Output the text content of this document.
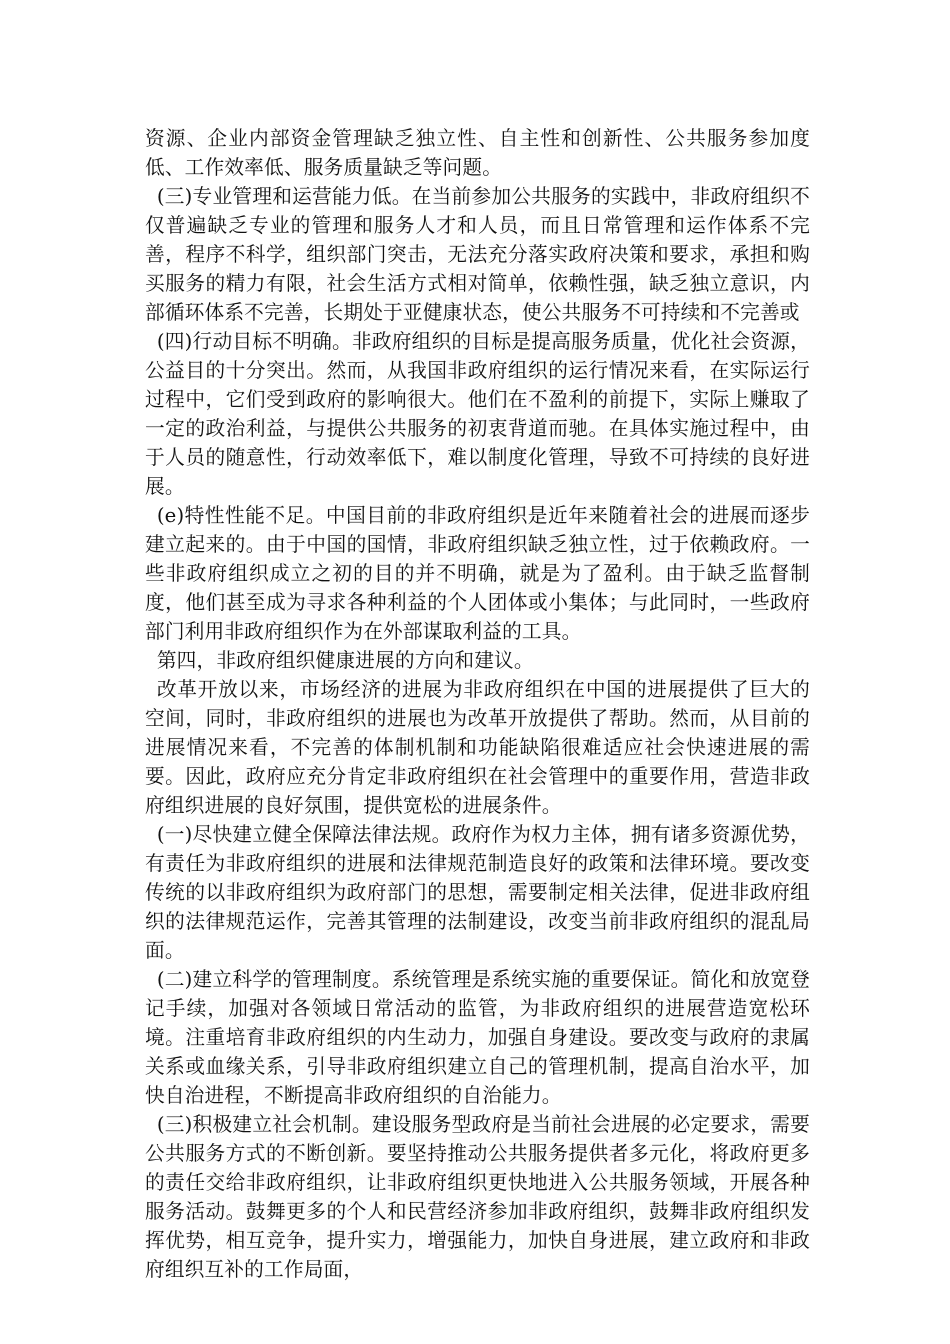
资源、企业内部资金管理缺乏独立性、自主性和创新性、公共服务参加度低、工作效率低、服务质量缺乏等问题。

(三)专业管理和运营能力低。在当前参加公共服务的实践中，非政府组织不仅普遍缺乏专业的管理和服务人才和人员，而且日常管理和运作体系不完善，程序不科学，组织部门突击，无法充分落实政府决策和要求，承担和购买服务的精力有限，社会生活方式相对简单，依赖性强，缺乏独立意识，内部循环体系不完善，长期处于亚健康状态，使公共服务不可持续和不完善或

(四)行动目标不明确。非政府组织的目标是提高服务质量，优化社会资源，公益目的十分突出。然而，从我国非政府组织的运行情况来看，在实际运行过程中，它们受到政府的影响很大。他们在不盈利的前提下，实际上赚取了一定的政治利益，与提供公共服务的初衷背道而驰。在具体实施过程中，由于人员的随意性，行动效率低下，难以制度化管理，导致不可持续的良好进展。

(e)特性性能不足。中国目前的非政府组织是近年来随着社会的进展而逐步建立起来的。由于中国的国情，非政府组织缺乏独立性，过于依赖政府。一些非政府组织成立之初的目的并不明确，就是为了盈利。由于缺乏监督制度，他们甚至成为寻求各种利益的个人团体或小集体；与此同时，一些政府部门利用非政府组织作为在外部谋取利益的工具。

第四，非政府组织健康进展的方向和建议。

改革开放以来，市场经济的进展为非政府组织在中国的进展提供了巨大的空间，同时，非政府组织的进展也为改革开放提供了帮助。然而，从目前的进展情况来看，不完善的体制机制和功能缺陷很难适应社会快速进展的需要。因此，政府应充分肯定非政府组织在社会管理中的重要作用，营造非政府组织进展的良好氛围，提供宽松的进展条件。

(一)尽快建立健全保障法律法规。政府作为权力主体，拥有诸多资源优势，有责任为非政府组织的进展和法律规范制造良好的政策和法律环境。要改变传统的以非政府组织为政府部门的思想，需要制定相关法律，促进非政府组织的法律规范运作，完善其管理的法制建设，改变当前非政府组织的混乱局面。

(二)建立科学的管理制度。系统管理是系统实施的重要保证。简化和放宽登记手续，加强对各领域日常活动的监管，为非政府组织的进展营造宽松环境。注重培育非政府组织的内生动力，加强自身建设。要改变与政府的隶属关系或血缘关系，引导非政府组织建立自己的管理机制，提高自治水平，加快自治进程，不断提高非政府组织的自治能力。

(三)积极建立社会机制。建设服务型政府是当前社会进展的必定要求，需要公共服务方式的不断创新。要坚持推动公共服务提供者多元化，将政府更多的责任交给非政府组织，让非政府组织更快地进入公共服务领域，开展各种服务活动。鼓舞更多的个人和民营经济参加非政府组织，鼓舞非政府组织发挥优势，相互竞争，提升实力，增强能力，加快自身进展，建立政府和非政府组织互补的工作局面，
